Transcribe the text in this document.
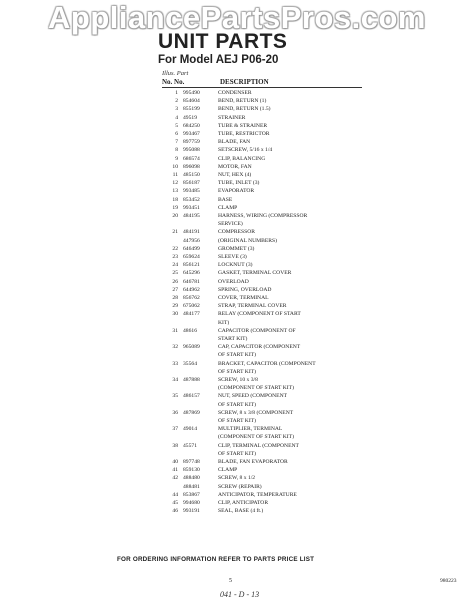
AppliancePartsPros.com
UNIT PARTS
For Model AEJ P06-20
Illus. Part
No. No.	DESCRIPTION
1 995490	CONDENSER
2 854604	BEND, RETURN (1)
3 855199	BEND, RETURN (1.5)
4 49519	STRAINER
5 684250	TUBE & STRAINER
6 993467	TUBE, RESTRICTOR
7 897759	BLADE, FAN
8 995088	SETSCREW, 5/16 x 1/4
9 686574	CLIP, BALANCING
10 896098	MOTOR, FAN
11 485150	NUT, HEX (4)
12 856187	TUBE, INLET (3)
13 993485	EVAPORATOR
18 853452	BASE
19 993451	CLAMP
20 484195	HARNESS, WIRING (COMPRESSOR
SERVICE)
21 484191	COMPRESSOR
447956	(ORIGINAL NUMBERS)
22 646499	GROMMET (3)
23 659624	SLEEVE (3)
24 856121	LOCKNUT (3)
25 645296	GASKET, TERMINAL COVER
26 646781	OVERLOAD
27 644962	SPRING, OVERLOAD
28 856762	COVER, TERMINAL
29 675062	STRAP, TERMINAL COVER
30 484177	RELAY (COMPONENT OF START
KIT)
31 48616	CAPACITOR (COMPONENT OF
START KIT)
32 965089	CAP, CAPACITOR (COMPONENT
OF START KIT)
33 35564	BRACKET, CAPACITOR (COMPONENT
OF START KIT)
34 487888	SCREW, 10 x 3/8
(COMPONENT OF START KIT)
35 486157	NUT, SPEED (COMPONENT
OF START KIT)
36 487869	SCREW, 8 x 3/8 (COMPONENT
OF START KIT)
37 49014	MULTIPLIER, TERMINAL
(COMPONENT OF START KIT)
38 45571	CLIP, TERMINAL (COMPONENT
OF START KIT)
40 897748	BLADE, FAN EVAPORATOR
41 859130	CLAMP
42 488480	SCREW, 8 x 1/2
488481	SCREW (REPAIR)
44 853867	ANTICIPATOR, TEMPERATURE
45 994680	CLIP, ANTICIPATOR
46 993191	SEAL, BASE (4 ft.)
FOR ORDERING INFORMATION REFER TO PARTS PRICE LIST
5	980223
041 - D - 13
